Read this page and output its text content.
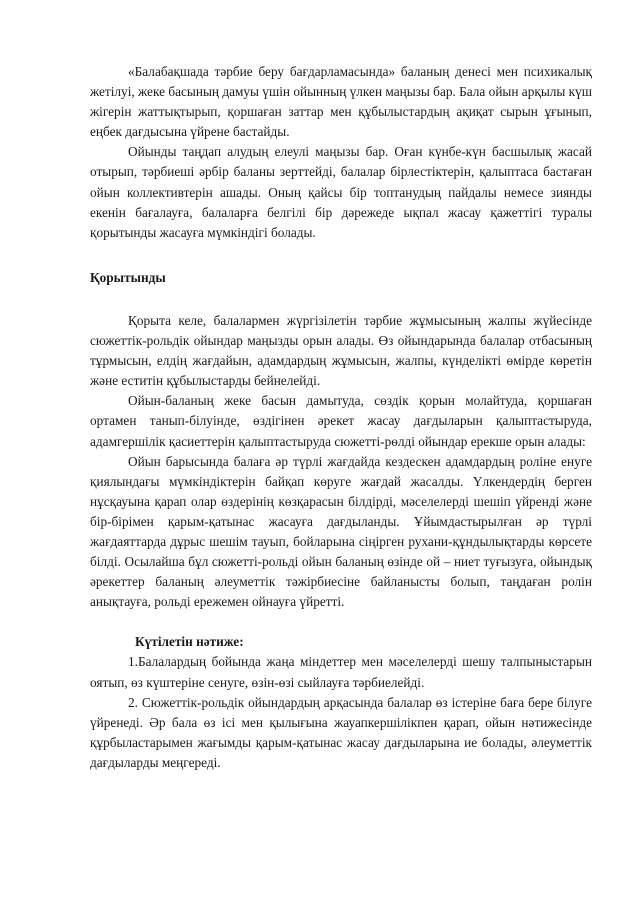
«Балабақшада тәрбие беру бағдарламасында» баланың денесі мен психикалық жетілуі, жеке басының дамуы үшін ойынның үлкен маңызы бар. Бала ойын арқылы күш жігерін жаттықтырып, қоршаған заттар мен құбылыстардың ақиқат сырын ұғынып, еңбек дағдысына үйрене бастайды.

Ойынды таңдап алудың елеулі маңызы бар. Оған күнбе-күн басшылық жасай отырып, тәрбиеші әрбір баланы зерттейді, балалар бірлестіктерін, қалыптаса бастаған ойын коллективтерін ашады. Оның қайсы бір топтанудың пайдалы немесе зиянды екенін бағалауға, балаларға белгілі бір дәрежеде ықпал жасау қажеттігі туралы қорытынды жасауға мүмкіндігі болады.

Қорытынды

Қорыта келе, балалармен жүргізілетін тәрбие жұмысының жалпы жүйесінде сюжеттік-рольдік ойындар маңызды орын алады. Өз ойындарында балалар отбасының тұрмысын, елдің жағдайын, адамдардың жұмысын, жалпы, күнделікті өмірде көретін және еститін құбылыстарды бейнелейді.

Ойын-баланың жеке басын дамытуда, сөздік қорын молайтуда, қоршаған ортамен танып-білуінде, өздігінен әрекет жасау дағдыларын қалыптастыруда, адамгершілік қасиеттерін қалыптастыруда сюжетті-рөлді ойындар ерекше орын алады:

Ойын барысында балаға әр түрлі жағдайда кездескен адамдардың роліне енуге қиялындағы мүмкіндіктерін байқап көруге жағдай жасалды. Үлкендердің берген нұсқауына қарап олар өздерінің көзқарасын білдірді, мәселелерді шешіп үйренді және бір-бірімен қарым-қатынас жасауға дағдыланды. Ұйымдастырылған әр түрлі жағдаяттарда дұрыс шешім тауып, бойларына сіңірген рухани-құндылықтарды көрсете білді. Осылайша бұл сюжетті-рольді ойын баланың өзінде ой – ниет туғызуға, ойындық әрекеттер баланың әлеуметтік тәжірбиесіне байланысты болып, таңдаған ролін анықтауға, рольді ережемен ойнауға үйретті.

Күтілетін нәтиже:

1.Балалардың бойында жаңа міндеттер мен мәселелерді шешу талпыныстарын оятып, өз күштеріне сенуге, өзін-өзі сыйлауға тәрбиелейді.

2. Сюжеттік-рольдік ойындардың арқасында балалар өз істеріне баға бере білуге үйренеді. Әр бала өз ісі мен қылығына жауапкершілікпен қарап, ойын нәтижесінде құрбыластарымен жағымды қарым-қатынас жасау дағдыларына ие болады, әлеуметтік дағдыларды меңгереді.
